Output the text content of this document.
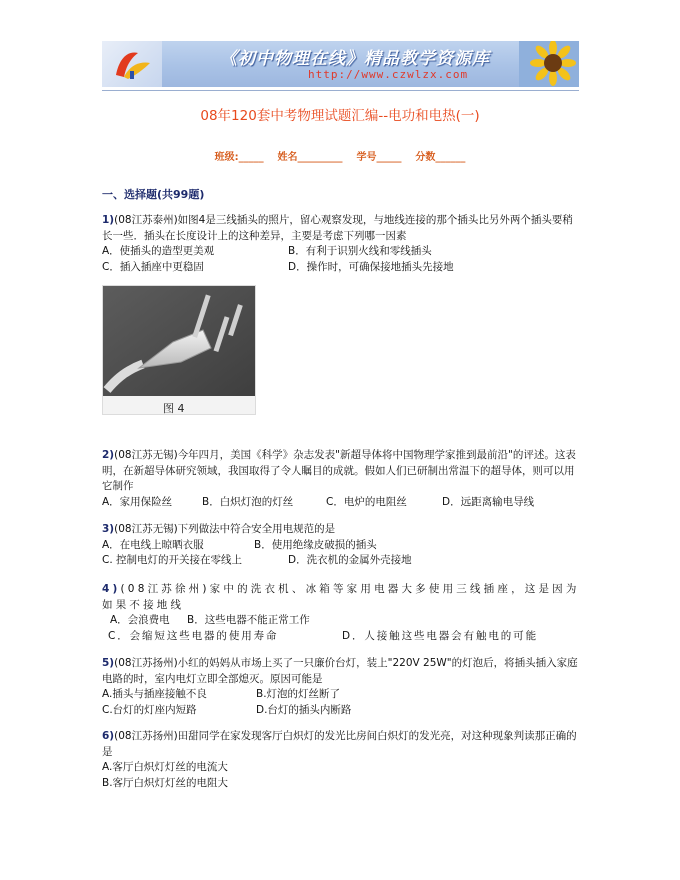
《初中物理在线》精品教学资源库
http://www.czwlzx.com
08年120套中考物理试题汇编--电功和电热(一)
班级:_____    姓名_________    学号_____    分数______
一、选择题(共99题)
1)(08江苏泰州)如图4是三线插头的照片，留心观察发现，与地线连接的那个插头比另外两个插头要稍长一些．插头在长度设计上的这种差异，主要是考虑下列哪一因素
A．使插头的造型更美观	B．有利于识别火线和零线插头
C．插入插座中更稳固	D．操作时，可确保接地插头先接地
图 4
2)(08江苏无锡)今年四月，美国《科学》杂志发表"新超导体将中国物理学家推到最前沿"的评述。这表明，在新超导体研究领域，我国取得了令人瞩目的成就。假如人们已研制出常温下的超导体，则可以用它制作
A．家用保险丝	B．白炽灯泡的灯丝	C．电炉的电阻丝	D．远距离输电导线
3)(08江苏无锡)下列做法中符合安全用电规范的是
A．在电线上晾晒衣服	B．使用绝缘皮破损的插头
C. 控制电灯的开关接在零线上	D．洗衣机的金属外壳接地
4)(08江苏徐州)家中的洗衣机、冰箱等家用电器大多使用三线插座，这是因为如果不接地线
A．会浪费电 B．这些电器不能正常工作
C．会缩短这些电器的使用寿命	D．人接触这些电器会有触电的可能
5)(08江苏扬州)小红的妈妈从市场上买了一只廉价台灯，装上"220V 25W"的灯泡后，将插头插入家庭电路的时，室内电灯立即全部熄灭。原因可能是
A.插头与插座接触不良	B.灯泡的灯丝断了
C.台灯的灯座内短路	D.台灯的插头内断路
6)(08江苏扬州)田甜同学在家发现客厅白炽灯的发光比房间白炽灯的发光亮，对这种现象判读那正确的是
A.客厅白炽灯灯丝的电流大
B.客厅白炽灯灯丝的电阻大
